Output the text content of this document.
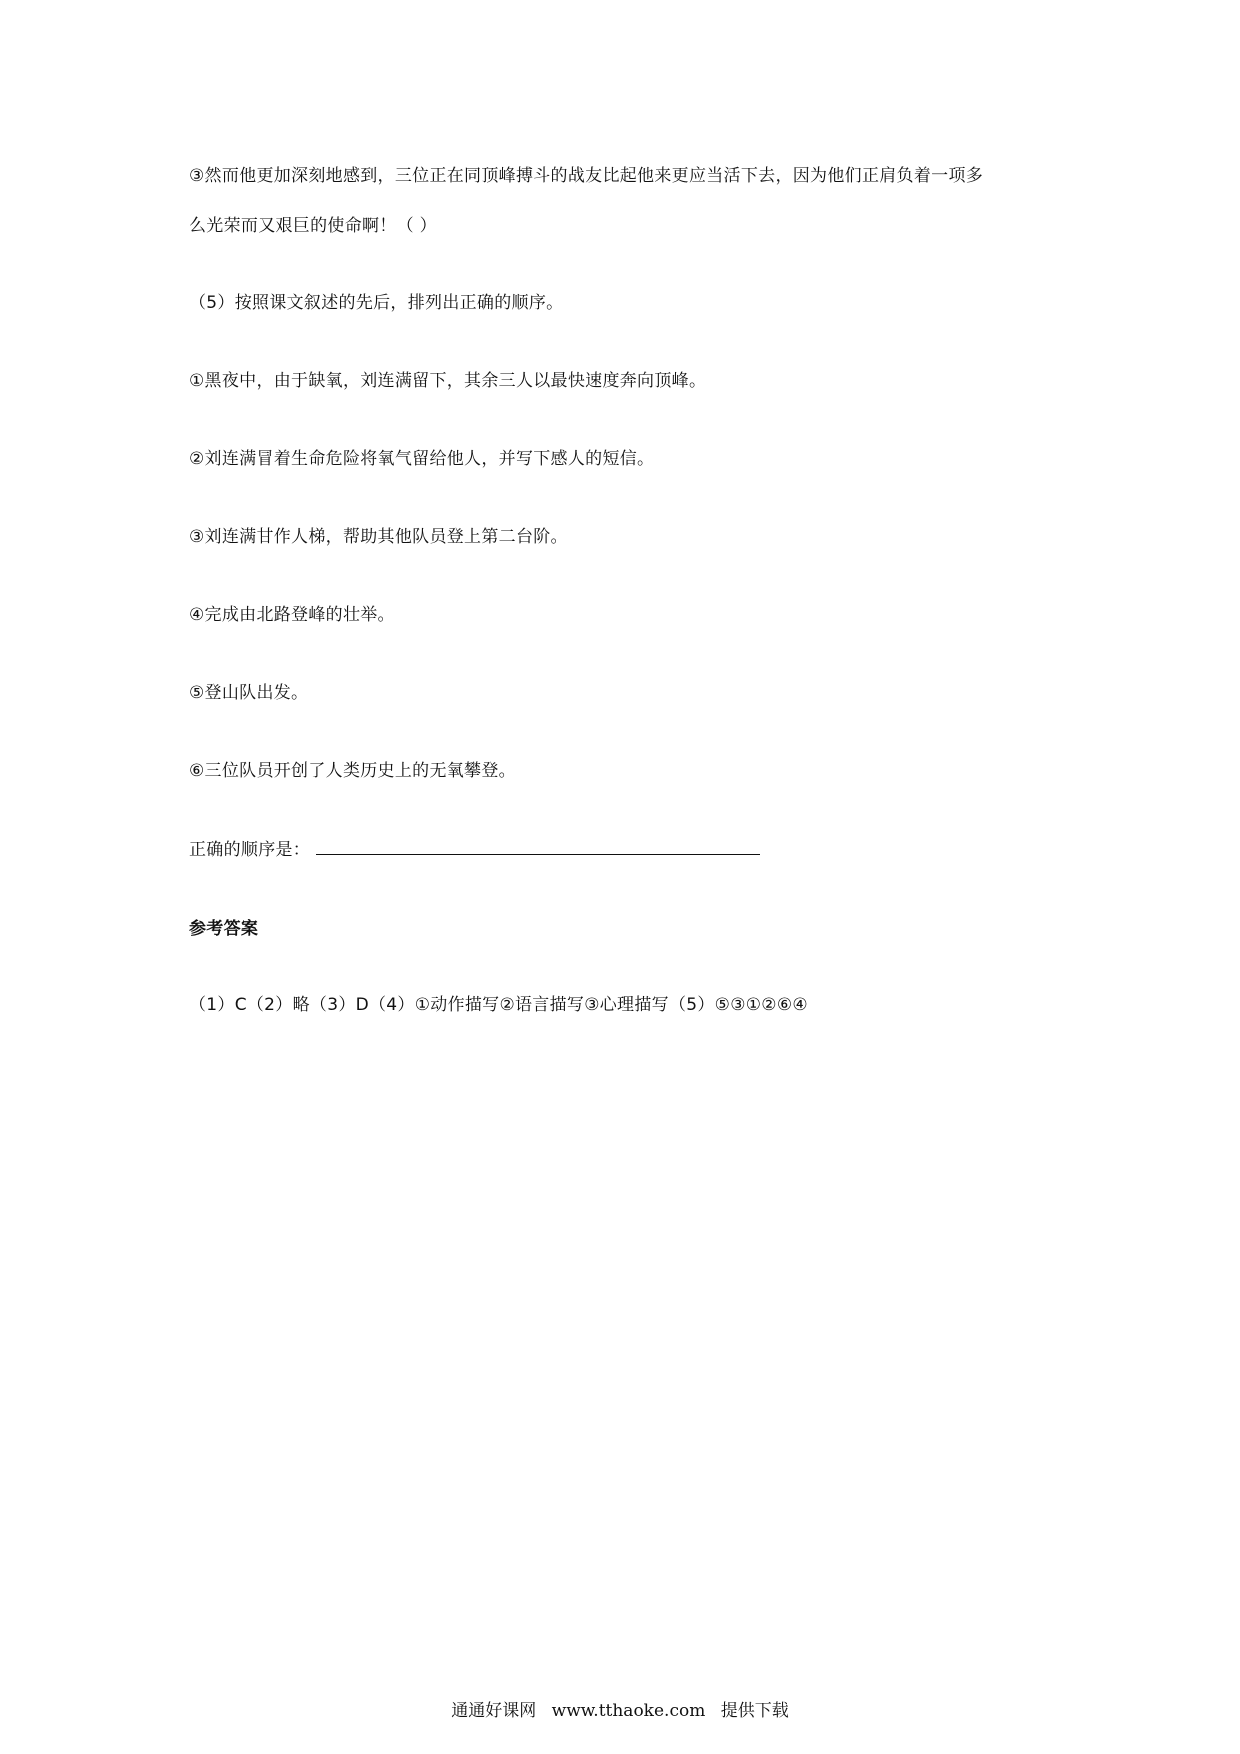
③然而他更加深刻地感到，三位正在同顶峰搏斗的战友比起他来更应当活下去，因为他们正肩负着一项多
么光荣而又艰巨的使命啊！（ ）
（5）按照课文叙述的先后，排列出正确的顺序。
①黑夜中，由于缺氧，刘连满留下，其余三人以最快速度奔向顶峰。
②刘连满冒着生命危险将氧气留给他人，并写下感人的短信。
③刘连满甘作人梯，帮助其他队员登上第二台阶。
④完成由北路登峰的壮举。
⑤登山队出发。
⑥三位队员开创了人类历史上的无氧攀登。
正确的顺序是：
参考答案
（1）C（2）略（3）D（4）①动作描写②语言描写③心理描写（5）⑤③①②⑥④
通通好课网 www.tthaoke.com 提供下载
